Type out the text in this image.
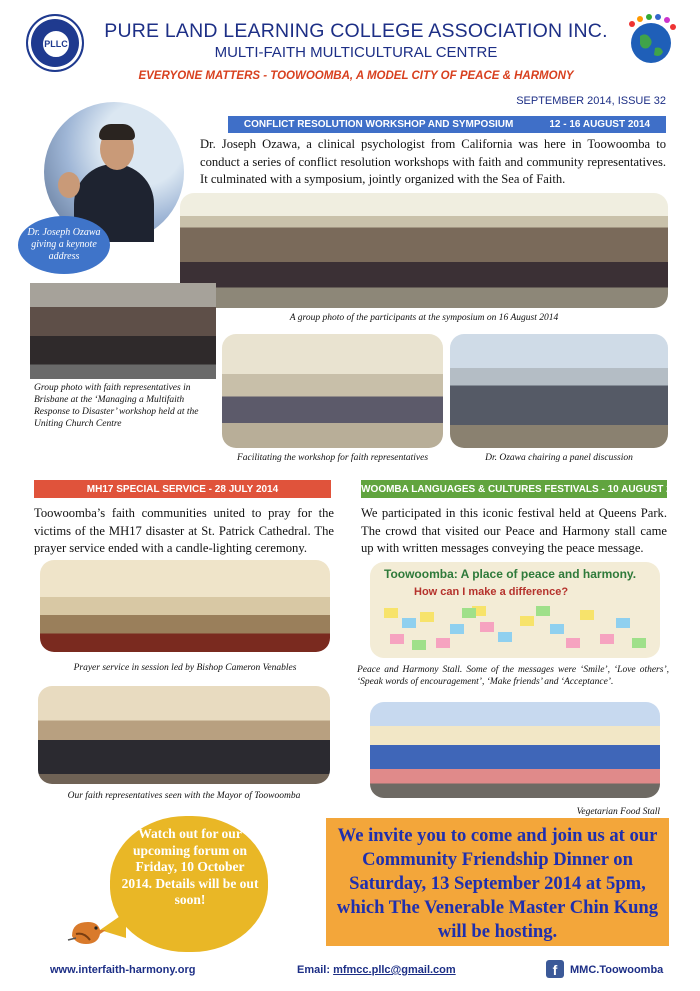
PLLC
PURE LAND LEARNING COLLEGE ASSOCIATION INC.
MULTI-FAITH MULTICULTURAL CENTRE
EVERYONE MATTERS - TOOWOOMBA, A MODEL CITY OF PEACE & HARMONY
SEPTEMBER 2014, ISSUE 32
CONFLICT RESOLUTION WORKSHOP AND SYMPOSIUM	12 - 16 AUGUST 2014
Dr. Joseph Ozawa, a clinical psychologist from California was here in Toowoomba to conduct a series of conflict resolution workshops with faith and community representatives. It culminated with a symposium, jointly organized with the Sea of Faith.
Dr. Joseph Ozawa giving a keynote address
A group photo of the participants at the symposium on 16 August 2014
Group photo with faith representatives in Brisbane at the ‘Managing a Multifaith Response to Disaster’ workshop held at the Uniting Church Centre
Facilitating the workshop for faith representatives	Dr. Ozawa chairing a panel discussion
MH17 SPECIAL SERVICE - 28 JULY 2014
Toowoomba’s faith communities united to pray for the victims of the MH17 disaster at St. Patrick Cathedral. The prayer service ended with a candle-lighting ceremony.
Prayer service in session led by Bishop Cameron Venables
Our faith representatives seen with the Mayor of Toowoomba
TOOWOOMBA LANGUAGES & CULTURES FESTIVALS - 10 AUGUST 2014
We participated in this iconic festival held at Queens Park. The crowd that visited our Peace and Harmony stall came up with written messages conveying the peace message.
Toowoomba: A place of peace and harmony.
How can I make a difference?
Peace and Harmony Stall. Some of the messages were ‘Smile’, ‘Love others’, ‘Speak words of encouragement’, ‘Make friends’ and ‘Acceptance’.
Vegetarian Food Stall
Watch out for our upcoming forum on Friday, 10 October 2014. Details will be out soon!
We invite you to come and join us at our Community Friendship Dinner on Saturday, 13 September 2014 at 5pm, which The Venerable Master Chin Kung will be hosting.
www.interfaith-harmony.org	Email: mfmcc.pllc@gmail.com	f	MMC.Toowoomba
